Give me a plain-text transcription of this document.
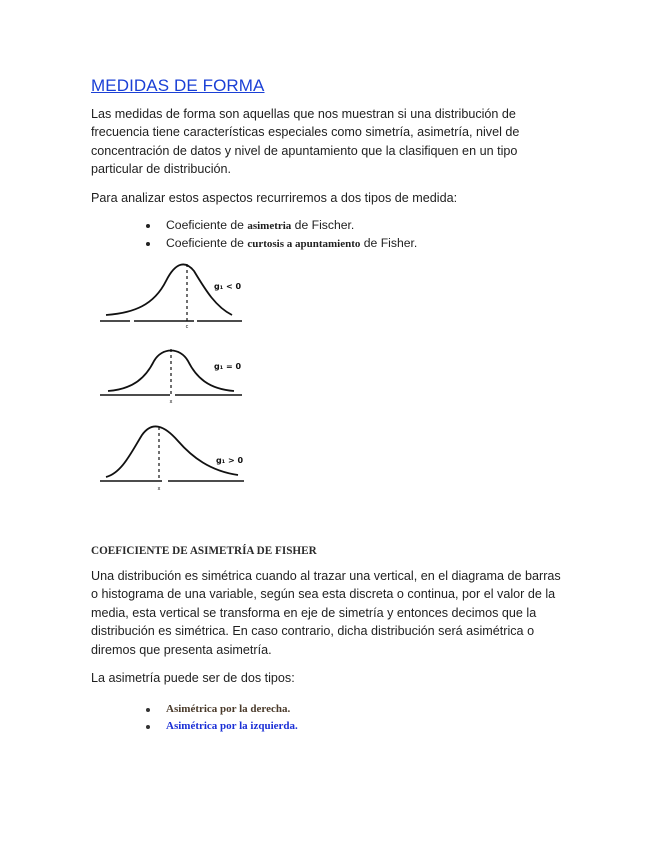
MEDIDAS DE FORMA

Las medidas de forma son aquellas que nos muestran si una distribución de frecuencia tiene características especiales como simetría, asimetría, nivel de concentración de datos y nivel de apuntamiento que la clasifiquen en un tipo particular de distribución.

Para analizar estos aspectos recurriremos a dos tipos de medida:

Coeficiente de asimetria de Fischer.
Coeficiente de curtosis a apuntamiento de Fisher.
c
g₁ < 0
x
g₁ = 0
x
g₁ > 0
COEFICIENTE DE ASIMETRÍA DE FISHER

Una distribución es simétrica cuando al trazar una vertical, en el diagrama de barras o histograma de una variable, según sea esta discreta o continua, por el valor de la media, esta vertical se transforma en eje de simetría y entonces decimos que la distribución es simétrica. En caso contrario, dicha distribución será asimétrica o diremos que presenta asimetría.

La asimetría puede ser de dos tipos:

Asimétrica por la derecha.
Asimétrica por la izquierda.
